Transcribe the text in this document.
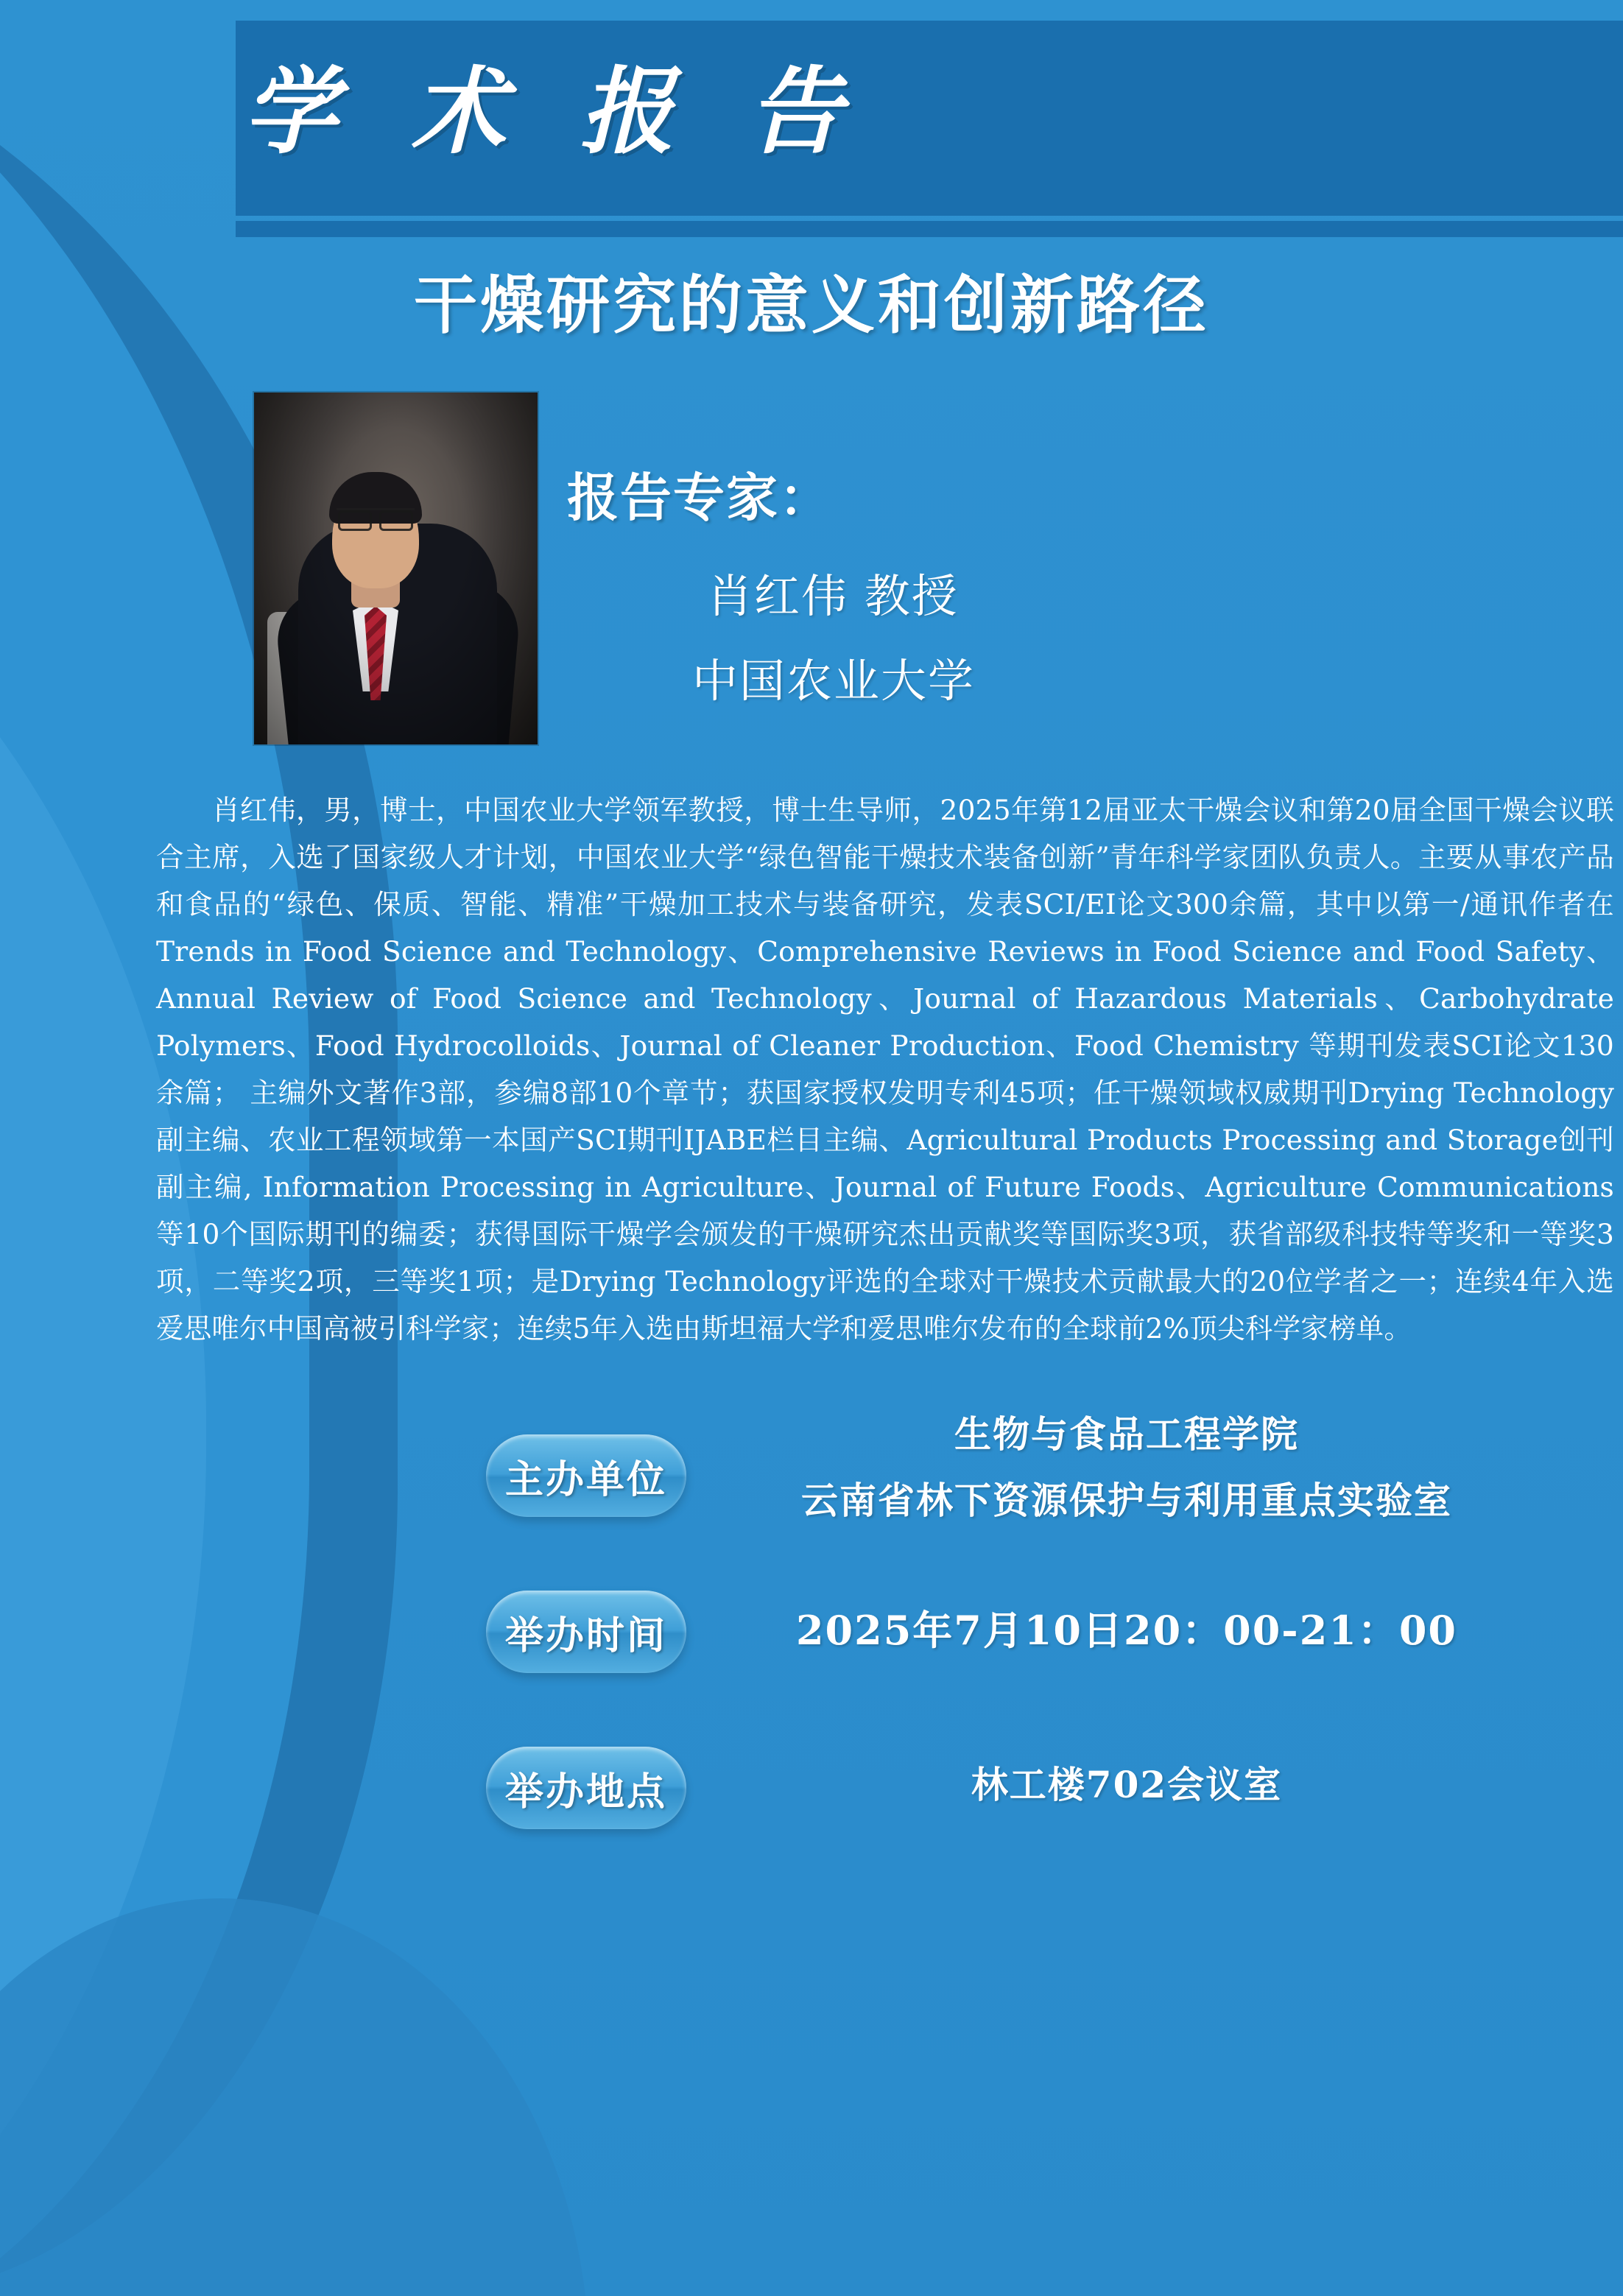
学 术 报 告
干燥研究的意义和创新路径
报告专家：
肖红伟 教授
中国农业大学
肖红伟，男，博士，中国农业大学领军教授，博士生导师，2025年第12届亚太干燥会议和第20届全国干燥会议联合主席，入选了国家级人才计划，中国农业大学“绿色智能干燥技术装备创新”青年科学家团队负责人。主要从事农产品和食品的“绿色、保质、智能、精准”干燥加工技术与装备研究，发表SCI/EI论文300余篇，其中以第一/通讯作者在Trends in Food Science and Technology、Comprehensive Reviews in Food Science and Food Safety、Annual Review of Food Science and Technology、Journal of Hazardous Materials、Carbohydrate Polymers、Food Hydrocolloids、Journal of Cleaner Production、Food Chemistry 等期刊发表SCI论文130余篇； 主编外文著作3部，参编8部10个章节；获国家授权发明专利45项；任干燥领域权威期刊Drying Technology副主编、农业工程领域第一本国产SCI期刊IJABE栏目主编、Agricultural Products Processing and Storage创刊副主编, Information Processing in Agriculture、Journal of Future Foods、Agriculture Communications等10个国际期刊的编委；获得国际干燥学会颁发的干燥研究杰出贡献奖等国际奖3项，获省部级科技特等奖和一等奖3项，二等奖2项，三等奖1项；是Drying Technology评选的全球对干燥技术贡献最大的20位学者之一；连续4年入选爱思唯尔中国高被引科学家；连续5年入选由斯坦福大学和爱思唯尔发布的全球前2%顶尖科学家榜单。
主办单位
生物与食品工程学院
云南省林下资源保护与利用重点实验室
举办时间	2025年7月10日20：00-21：00
举办地点	林工楼702会议室
